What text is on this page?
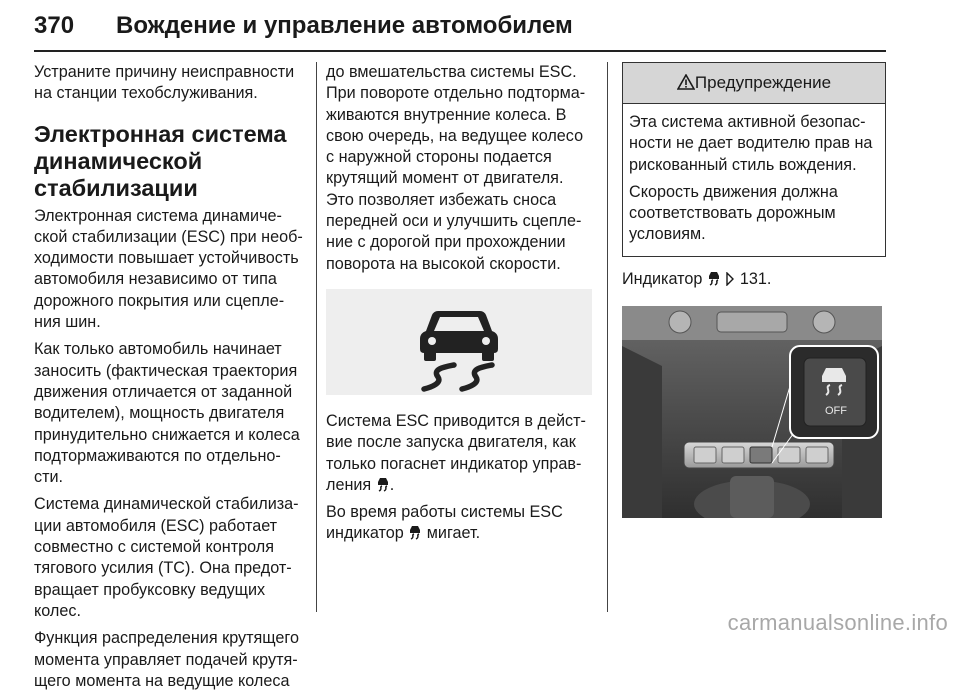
370 Вождение и управление автомобилем
Устраните причину неисправности
на станции техобслуживания.
Электронная система
динамической
стабилизации
Электронная система динамиче-
ской стабилизации (ESC) при необ-
ходимости повышает устойчивость
автомобиля независимо от типа
дорожного покрытия или сцепле-
ния шин.
Как только автомобиль начинает
заносить (фактическая траектория
движения отличается от заданной
водителем), мощность двигателя
принудительно снижается и колеса
подтормаживаются по отдельно-
сти.
Система динамической стабилиза-
ции автомобиля (ESC) работает
совместно с системой контроля
тягового усилия (TC). Она предот-
вращает пробуксовку ведущих
колес.
Функция распределения крутящего
момента управляет подачей крутя-
щего момента на ведущие колеса
до вмешательства системы ESC.
При повороте отдельно подторма-
живаются внутренние колеса. В
свою очередь, на ведущее колесо
с наружной стороны подается
крутящий момент от двигателя.
Это позволяет избежать сноса
передней оси и улучшить сцепле-
ние с дорогой при прохождении
поворота на высокой скорости.
Система ESC приводится в дейст-
вие после запуска двигателя, как
только погаснет индикатор управ-
ления .
Во время работы системы ESC
индикатор мигает.
Предупреждение
Эта система активной безопас-
ности не дает водителю прав на
рискованный стиль вождения.
Скорость движения должна
соответствовать дорожным
условиям.
Индикатор 131.
OFF
carmanualsonline.info
